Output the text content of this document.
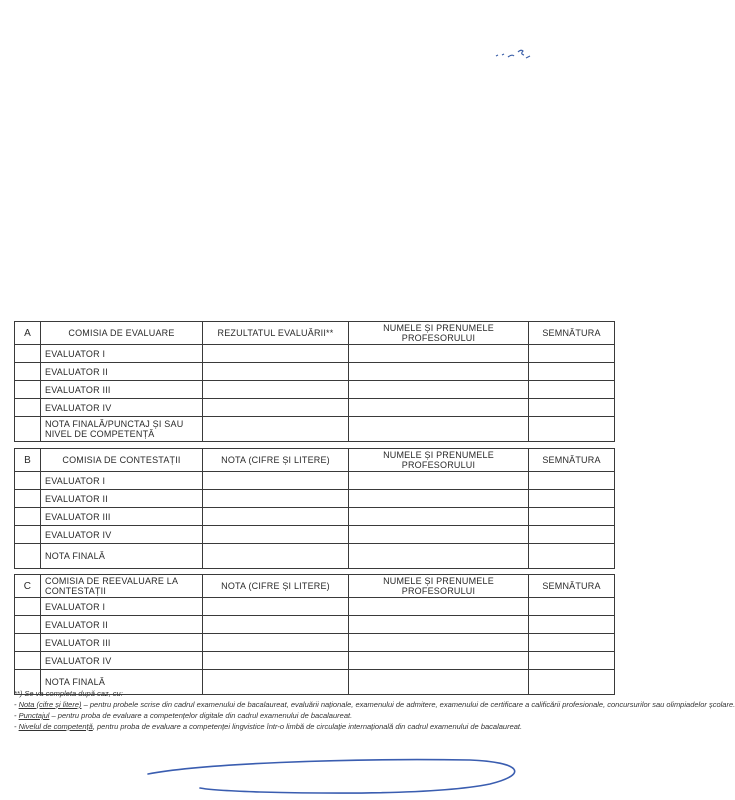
A	COMISIA DE EVALUARE	REZULTATUL EVALUĂRII**	NUMELE ȘI PRENUMELE PROFESORULUI	SEMNĂTURA
	EVALUATOR I			
	EVALUATOR II			
	EVALUATOR III			
	EVALUATOR IV			
	NOTA FINALĂ/PUNCTAJ ȘI SAU NIVEL DE COMPETENȚĂ			
B	COMISIA DE CONTESTAȚII	NOTA (CIFRE ȘI LITERE)	NUMELE ȘI PRENUMELE PROFESORULUI	SEMNĂTURA
	EVALUATOR I			
	EVALUATOR II			
	EVALUATOR III			
	EVALUATOR IV			
	NOTA FINALĂ			
C	COMISIA DE REEVALUARE LA CONTESTAȚII	NOTA (CIFRE ȘI LITERE)	NUMELE ȘI PRENUMELE PROFESORULUI	SEMNĂTURA
	EVALUATOR I			
	EVALUATOR II			
	EVALUATOR III			
	EVALUATOR IV			
	NOTA FINALĂ			
**) Se va completa după caz, cu:
- Nota (cifre și litere) – pentru probele scrise din cadrul examenului de bacalaureat, evaluării naționale, examenului de admitere, examenului de certificare a calificării profesionale, concursurilor sau olimpiadelor școlare.
- Punctajul – pentru proba de evaluare a competențelor digitale din cadrul examenului de bacalaureat.
- Nivelul de competență, pentru proba de evaluare a competenței lingvistice într-o limbă de circulație internațională din cadrul examenului de bacalaureat.
